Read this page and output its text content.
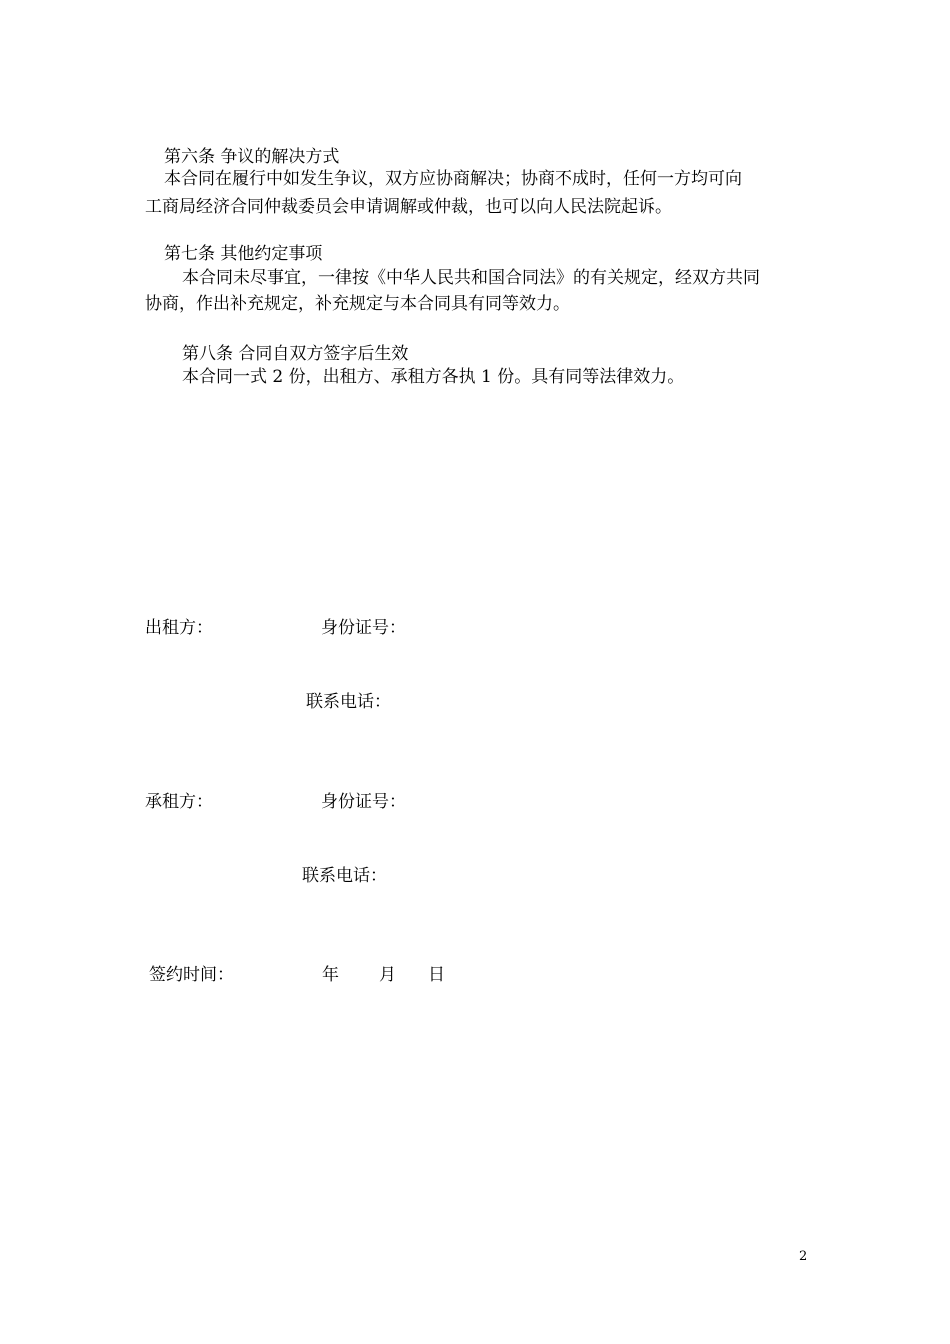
第六条 争议的解决方式
本合同在履行中如发生争议，双方应协商解决；协商不成时，任何一方均可向
工商局经济合同仲裁委员会申请调解或仲裁，也可以向人民法院起诉。
第七条 其他约定事项
本合同未尽事宜，一律按《中华人民共和国合同法》的有关规定，经双方共同
协商，作出补充规定，补充规定与本合同具有同等效力。
第八条 合同自双方签字后生效
本合同一式 2 份，出租方、承租方各执 1 份。具有同等法律效力。
出租方：	身份证号：
联系电话：
承租方：	身份证号：
联系电话：
签约时间：	年 月 日
2
